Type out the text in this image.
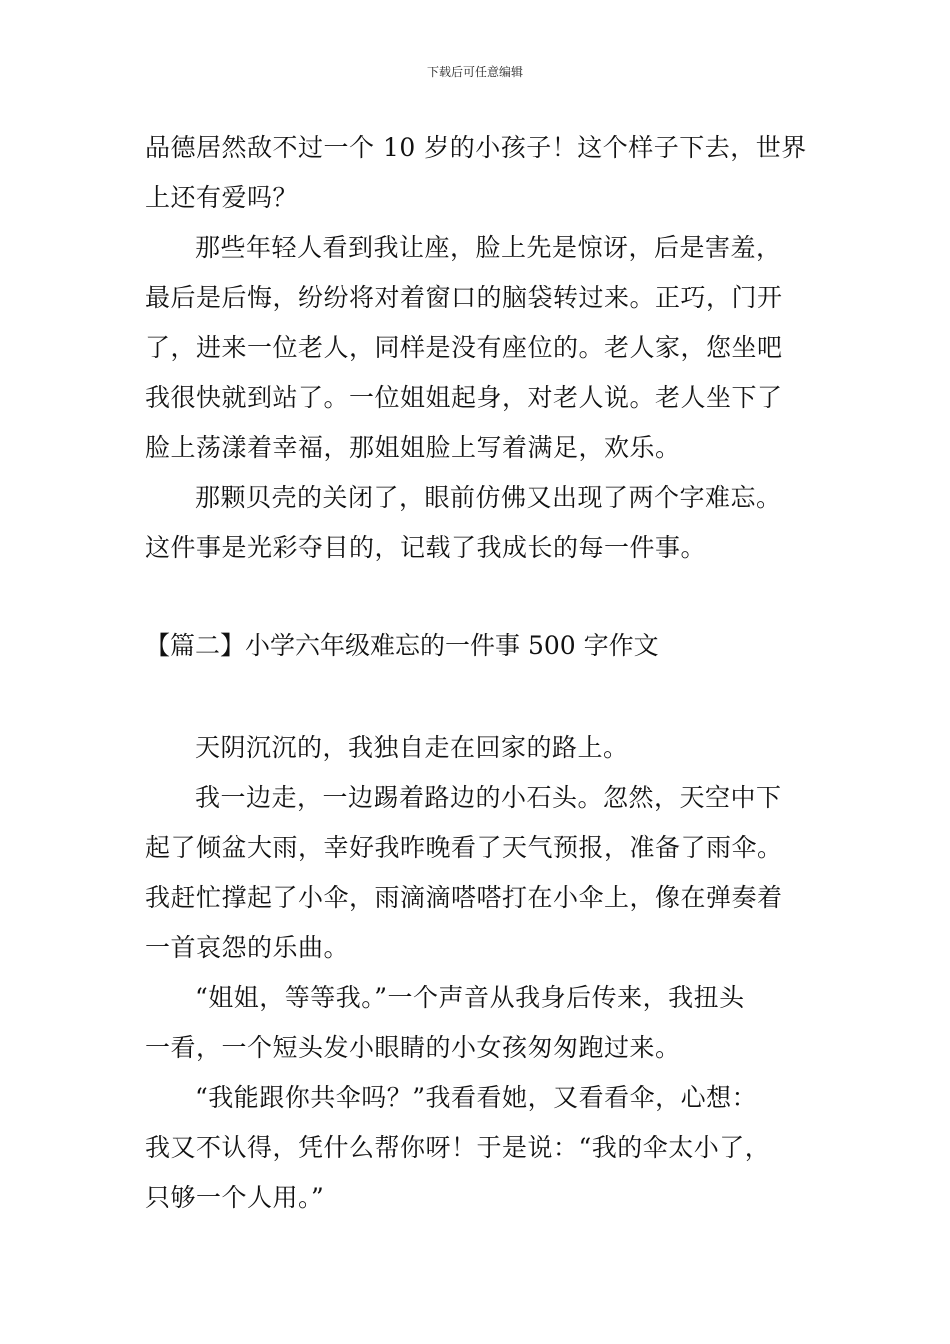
下载后可任意编辑
品德居然敌不过一个 10 岁的小孩子！这个样子下去，世界
上还有爱吗？
那些年轻人看到我让座，脸上先是惊讶，后是害羞，
最后是后悔，纷纷将对着窗口的脑袋转过来。正巧，门开
了，进来一位老人，同样是没有座位的。老人家，您坐吧
我很快就到站了。一位姐姐起身，对老人说。老人坐下了
脸上荡漾着幸福，那姐姐脸上写着满足，欢乐。
那颗贝壳的关闭了，眼前仿佛又出现了两个字难忘。
这件事是光彩夺目的，记载了我成长的每一件事。
【篇二】小学六年级难忘的一件事 500 字作文
天阴沉沉的，我独自走在回家的路上。
我一边走，一边踢着路边的小石头。忽然，天空中下
起了倾盆大雨，幸好我昨晚看了天气预报，准备了雨伞。
我赶忙撑起了小伞，雨滴滴嗒嗒打在小伞上，像在弹奏着
一首哀怨的乐曲。
“姐姐，等等我。”一个声音从我身后传来，我扭头
一看，一个短头发小眼睛的小女孩匆匆跑过来。
“我能跟你共伞吗？”我看看她，又看看伞，心想：
我又不认得，凭什么帮你呀！于是说：“我的伞太小了，
只够一个人用。”
